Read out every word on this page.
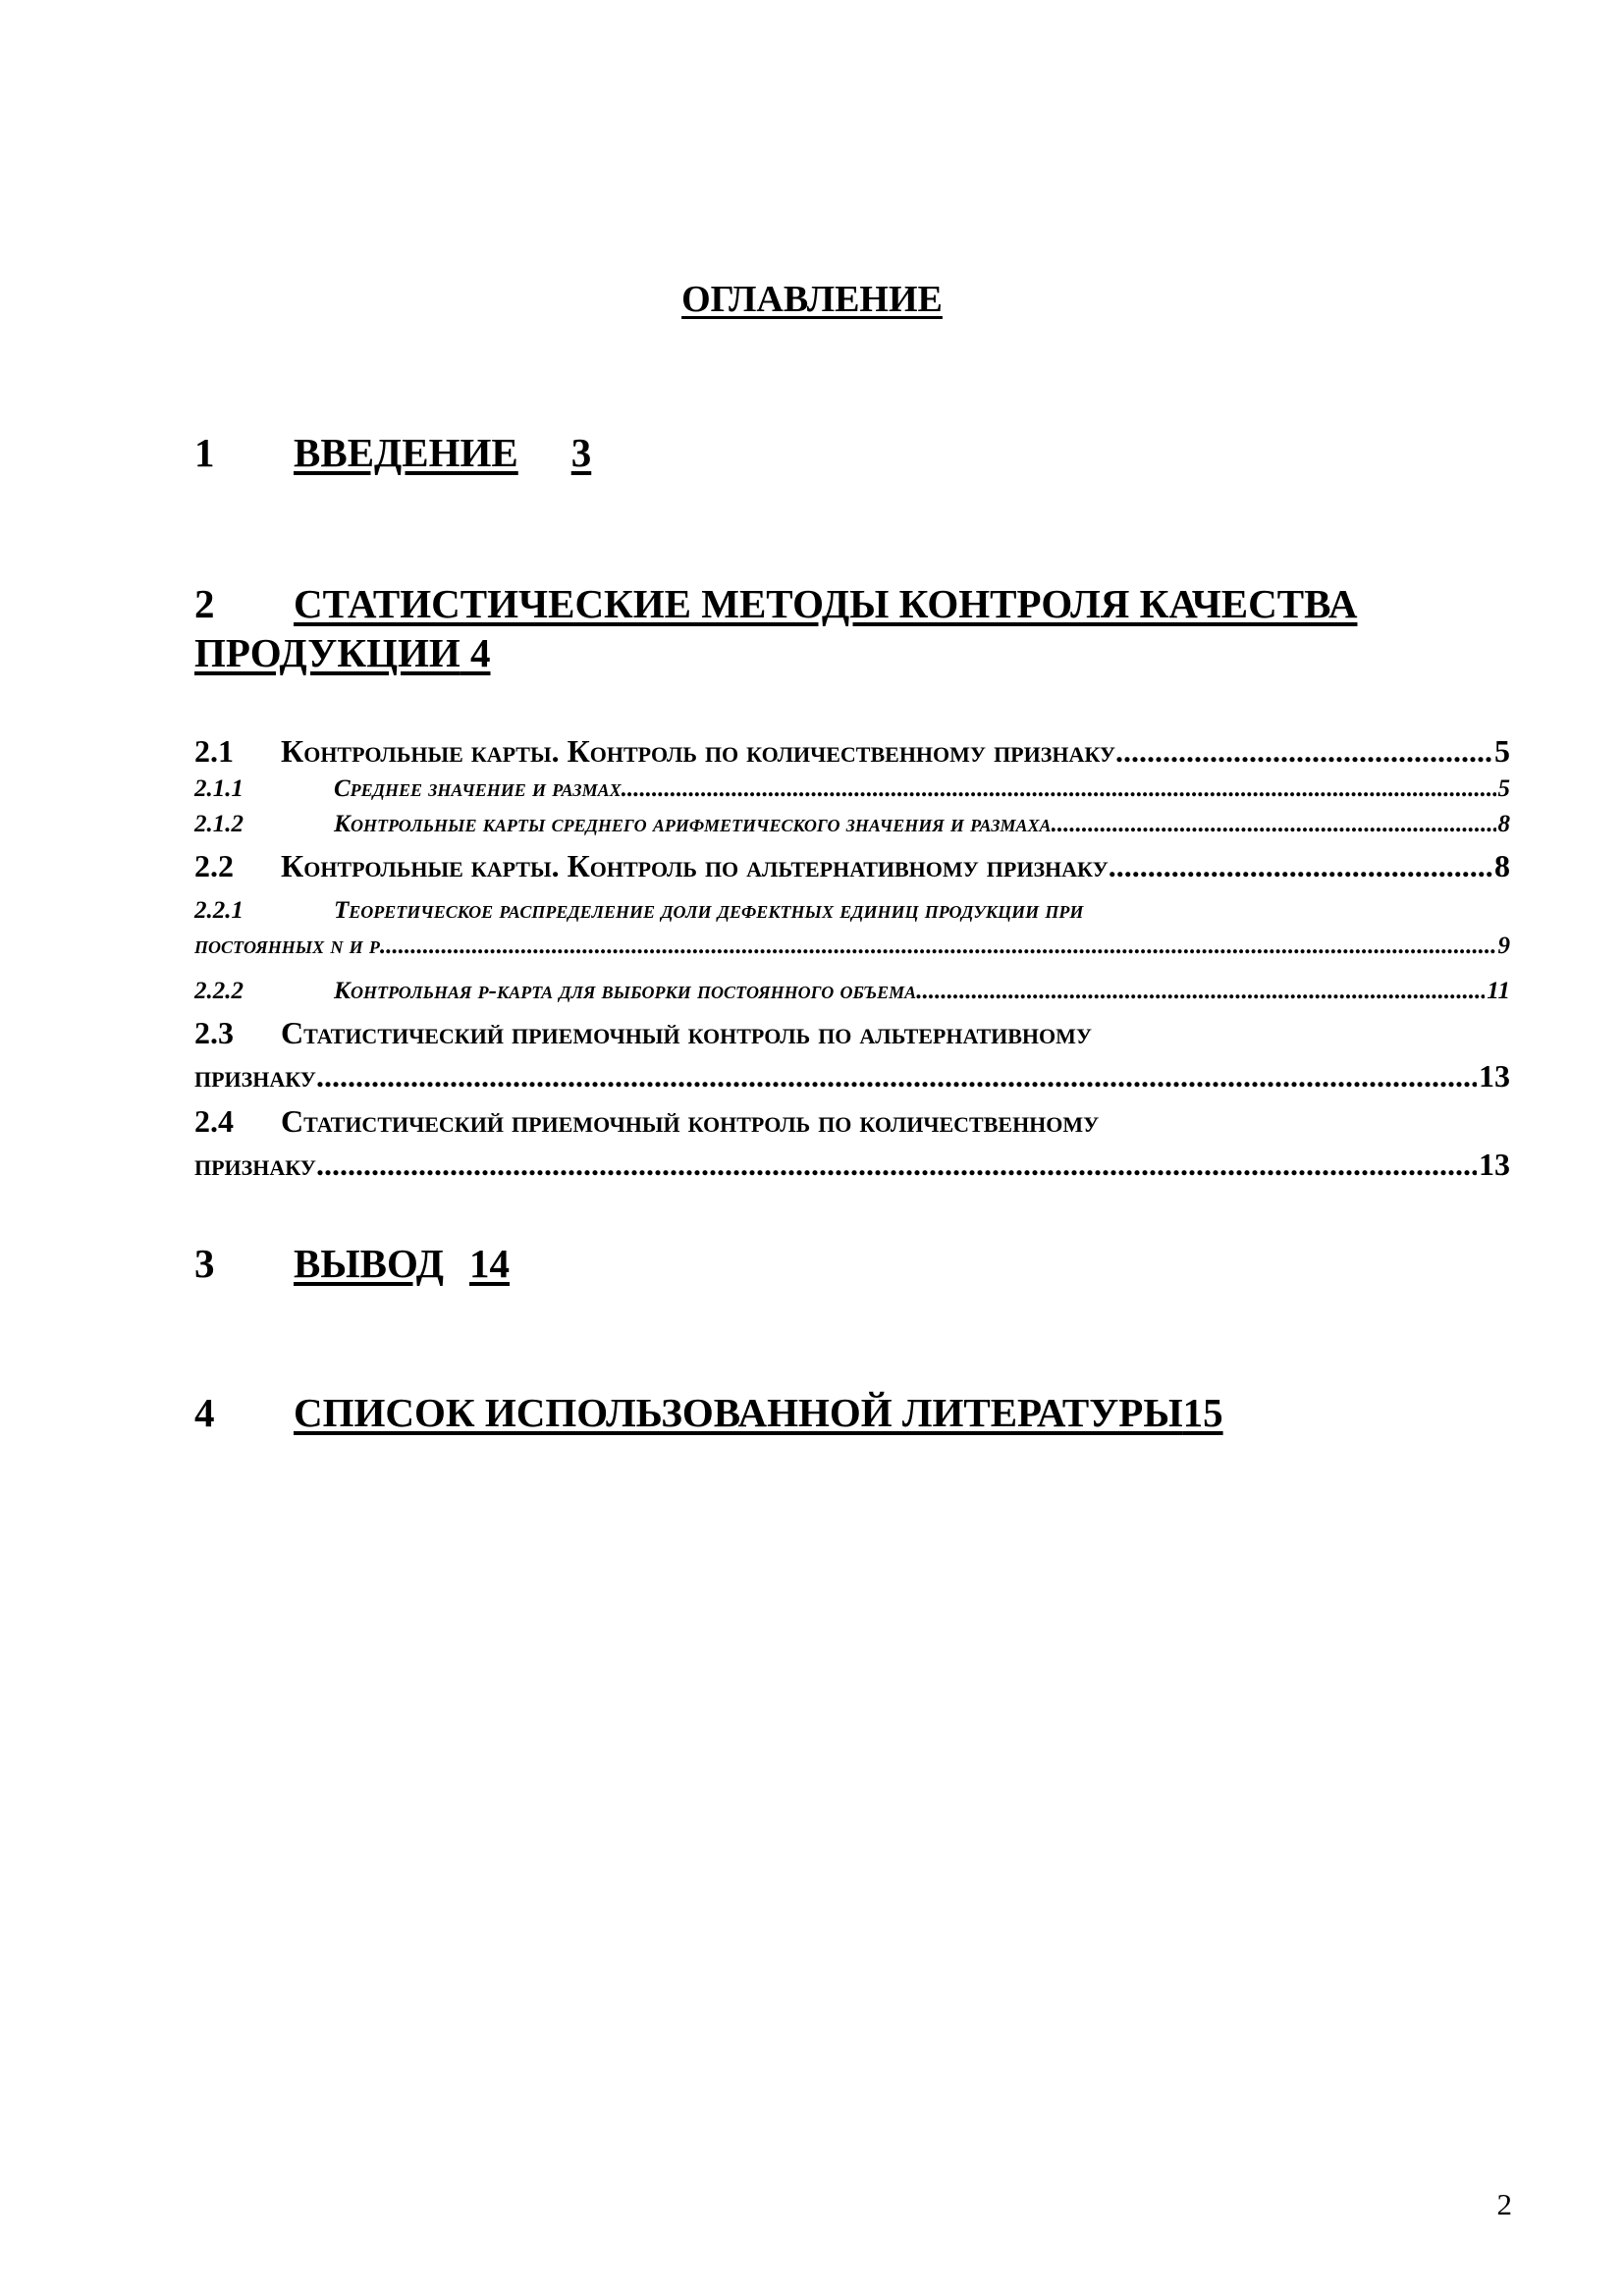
ОГЛАВЛЕНИЕ
1 ВВЕДЕНИЕ 3
2 СТАТИСТИЧЕСКИЕ МЕТОДЫ КОНТРОЛЯ КАЧЕСТВА
ПРОДУКЦИИ 4
2.1	Контрольные карты. Контроль по количественному признаку .....	5
2.1.1	Среднее значение и размах .....	5
2.1.2	Контрольные карты среднего арифметического значения и размаха .....	8
2.2	Контрольные карты. Контроль по альтернативному признаку .....	8
2.2.1	Теоретическое распределение доли дефектных единиц продукции при
постоянных n и p .....	9
2.2.2	Контрольная p-карта для выборки постоянного объема .....	11
2.3	Статистический приемочный контроль по альтернативному
признаку .....	13
2.4	Статистический приемочный контроль по количественному
признаку .....	13
3 ВЫВОД 14
4 СПИСОК ИСПОЛЬЗОВАННОЙ ЛИТЕРАТУРЫ15
2
